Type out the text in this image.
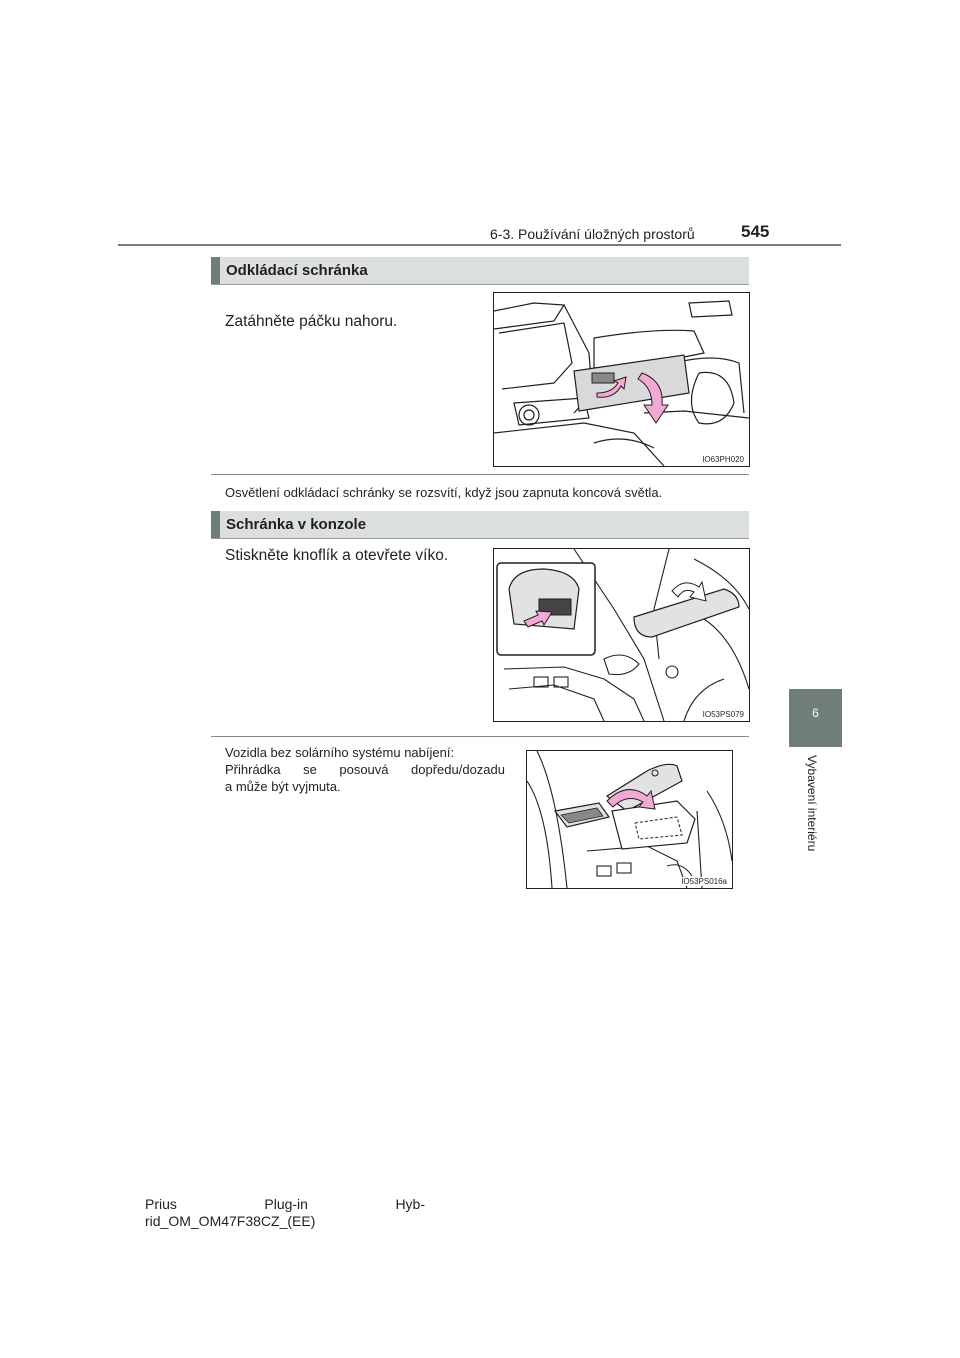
6-3. Používání úložných prostorů	545
6
Vybavení interiéru
Odkládací schránka
Zatáhněte páčku nahoru.
IO63PH020
Osvětlení odkládací schránky se rozsvítí, když jsou zapnuta koncová světla.
Schránka v konzole
Stiskněte knoflík a otevřete víko.
IO53PS079
Vozidla bez solárního systému nabíjení:
Přihrádka se posouvá dopředu/dozadu
a může být vyjmuta.
IO53PS016a
Prius	Plug-in	Hyb-
rid_OM_OM47F38CZ_(EE)
